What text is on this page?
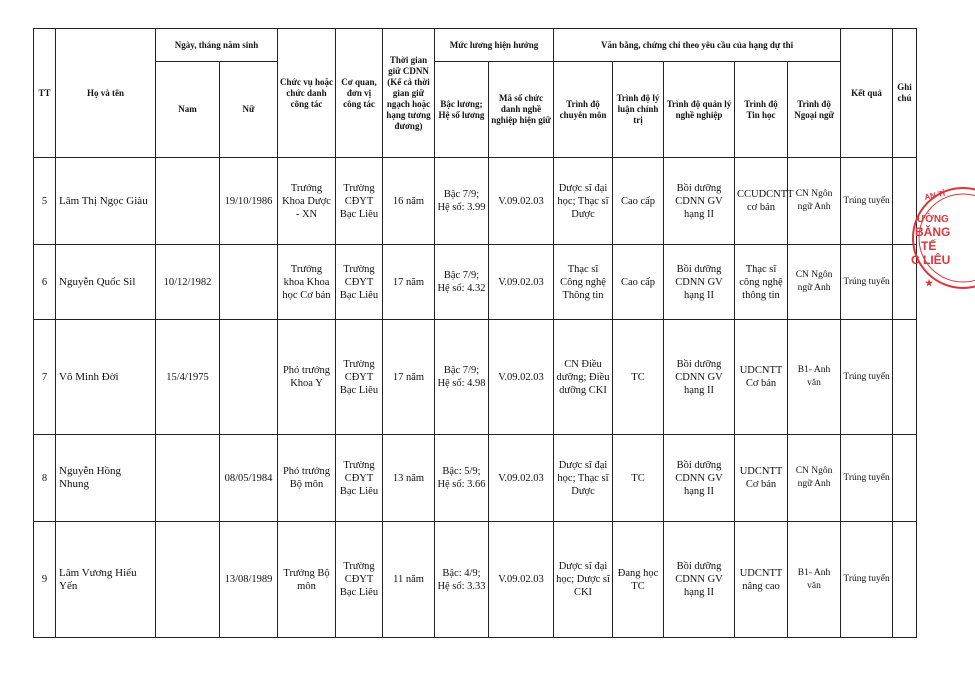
TT	Họ và tên	Ngày, tháng năm sinh		Chức vụ hoặc chức danh công tác	Cơ quan, đơn vị công tác	Thời gian giữ CDNN (Kể cả thời gian giữ ngạch hoặc hạng tương đương)	Mức lương hiện hưởng		Văn bằng, chứng chỉ theo yêu cầu của hạng dự thi					Kết quả	Ghi chú
		Nam	Nữ				Bậc lương; Hệ số lương	Mã số chức danh nghề nghiệp hiện giữ	Trình độ chuyên môn	Trình độ lý luận chính trị	Trình độ quản lý nghề nghiệp	Trình độ Tin học	Trình độ Ngoại ngữ		
5	Lâm Thị Ngọc Giàu		19/10/1986	Trưởng Khoa Dược - XN	Trường CĐYT Bạc Liêu	16 năm	Bậc 7/9; Hệ số: 3.99	V.09.02.03	Dược sĩ đại học; Thạc sĩ Dược	Cao cấp	Bồi dưỡng CDNN GV hạng II	CCUDCNTT cơ bản	CN Ngôn ngữ Anh	Trúng tuyển	
6	Nguyễn Quốc Sil	10/12/1982		Trưởng khoa Khoa học Cơ bản	Trường CĐYT Bạc Liêu	17 năm	Bậc 7/9; Hệ số: 4.32	V.09.02.03	Thạc sĩ Công nghệ Thông tin	Cao cấp	Bồi dưỡng CDNN GV hạng II	Thạc sĩ công nghệ thông tin	CN Ngôn ngữ Anh	Trúng tuyển	
7	Võ Minh Đời	15/4/1975		Phó trưởng Khoa Y	Trường CĐYT Bạc Liêu	17 năm	Bậc 7/9; Hệ số: 4.98	V.09.02.03	CN Điều dưỡng; Điều dưỡng CKI	TC	Bồi dưỡng CDNN GV hạng II	UDCNTT Cơ bản	B1- Anh văn	Trúng tuyển	
8	Nguyễn Hồng Nhung		08/05/1984	Phó trưởng Bộ môn	Trường CĐYT Bạc Liêu	13 năm	Bậc: 5/9; Hệ số: 3.66	V.09.02.03	Dược sĩ đại học; Thạc sĩ Dược	TC	Bồi dưỡng CDNN GV hạng II	UDCNTT Cơ bản	CN Ngôn ngữ Anh	Trúng tuyển	
9	Lâm Vương Hiếu Yến		13/08/1989	Trưởng Bộ môn	Trường CĐYT Bạc Liêu	11 năm	Bậc: 4/9; Hệ số: 3.33	V.09.02.03	Dược sĩ đại học; Dược sĩ CKI	Đang học TC	Bồi dưỡng CDNN GV hạng II	UDCNTT nâng cao	B1- Anh văn	Trúng tuyển	
AN TỈ
ƯỜNG
BĂNG
TẾ
C LIÊU
★
